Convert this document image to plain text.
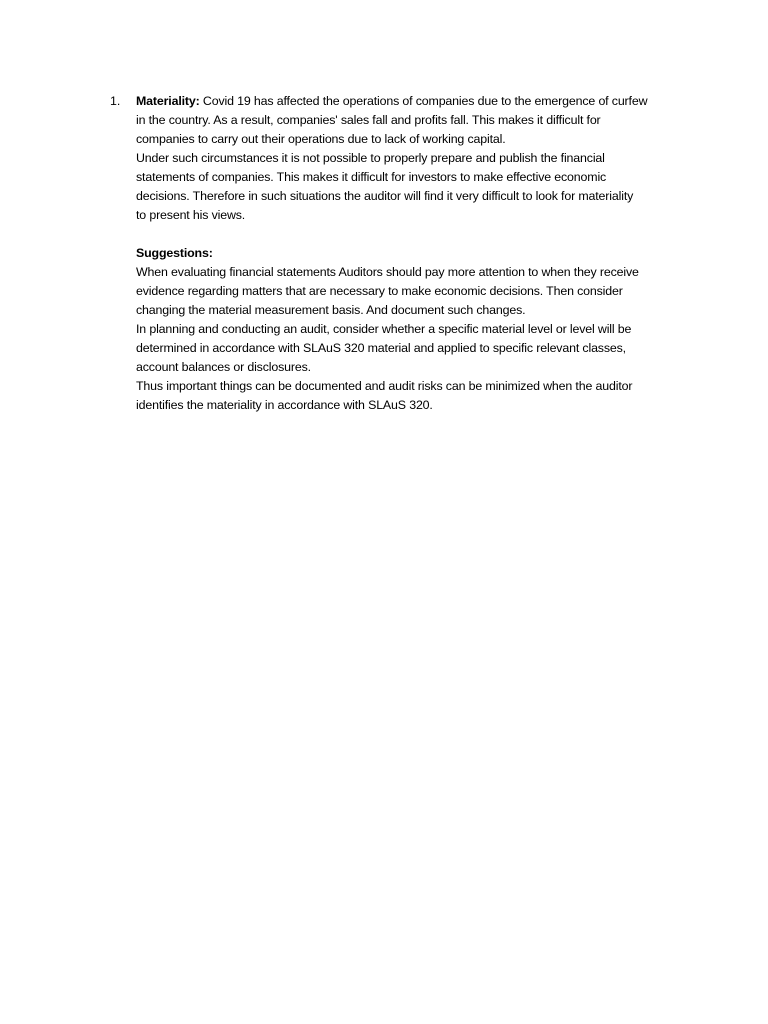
1. Materiality: Covid 19 has affected the operations of companies due to the emergence of curfew
in the country. As a result, companies' sales fall and profits fall. This makes it difficult for
companies to carry out their operations due to lack of working capital.
Under such circumstances it is not possible to properly prepare and publish the financial
statements of companies. This makes it difficult for investors to make effective economic
decisions. Therefore in such situations the auditor will find it very difficult to look for materiality
to present his views.
Suggestions:
When evaluating financial statements Auditors should pay more attention to when they receive
evidence regarding matters that are necessary to make economic decisions. Then consider
changing the material measurement basis. And document such changes.
In planning and conducting an audit, consider whether a specific material level or level will be
determined in accordance with SLAuS 320 material and applied to specific relevant classes,
account balances or disclosures.
Thus important things can be documented and audit risks can be minimized when the auditor
identifies the materiality in accordance with SLAuS 320.
